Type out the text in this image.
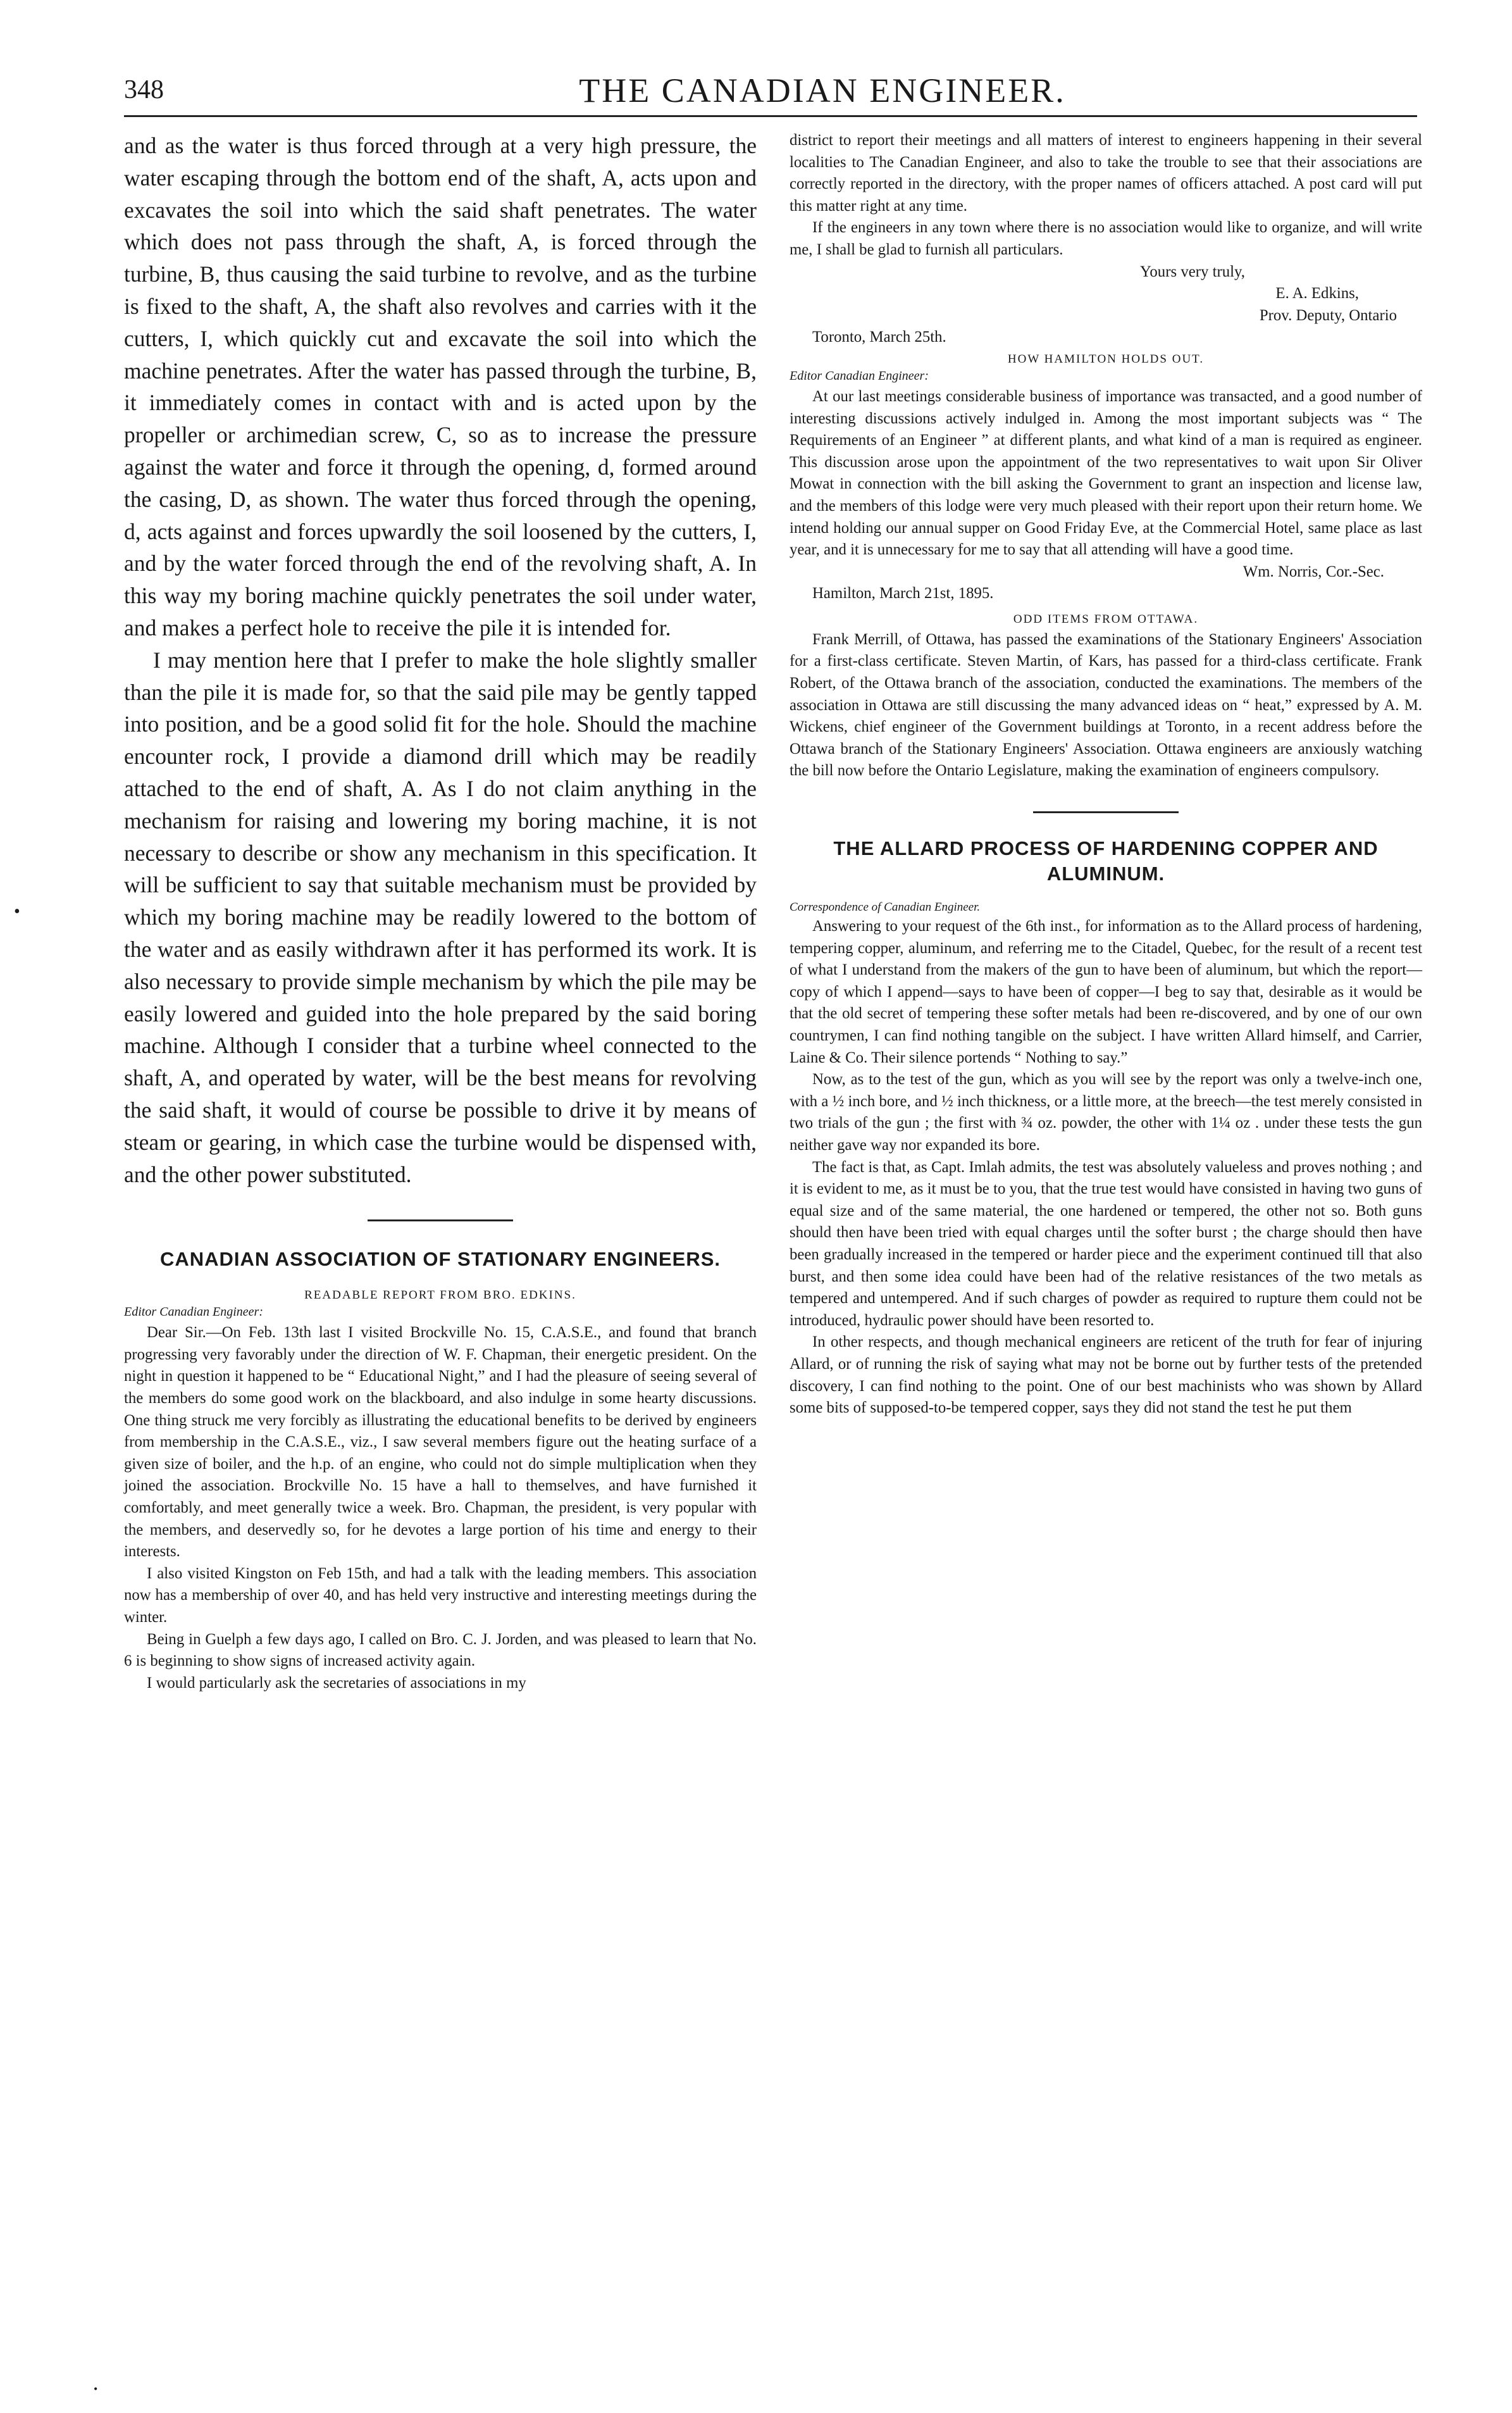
348	THE CANADIAN ENGINEER.

and as the water is thus forced through at a very high pressure, the water escaping through the bottom end of the shaft, A, acts upon and excavates the soil into which the said shaft penetrates. The water which does not pass through the shaft, A, is forced through the turbine, B, thus causing the said turbine to revolve, and as the turbine is fixed to the shaft, A, the shaft also revolves and carries with it the cutters, I, which quickly cut and excavate the soil into which the machine penetrates. After the water has passed through the turbine, B, it immediately comes in contact with and is acted upon by the propeller or archimedian screw, C, so as to increase the pressure against the water and force it through the opening, d, formed around the casing, D, as shown. The water thus forced through the opening, d, acts against and forces upwardly the soil loosened by the cutters, I, and by the water forced through the end of the revolving shaft, A. In this way my boring machine quickly penetrates the soil under water, and makes a perfect hole to receive the pile it is intended for.

I may mention here that I prefer to make the hole slightly smaller than the pile it is made for, so that the said pile may be gently tapped into position, and be a good solid fit for the hole. Should the machine encounter rock, I provide a diamond drill which may be readily attached to the end of shaft, A. As I do not claim anything in the mechanism for raising and lowering my boring machine, it is not necessary to describe or show any mechanism in this specification. It will be sufficient to say that suitable mechanism must be provided by which my boring machine may be readily lowered to the bottom of the water and as easily withdrawn after it has performed its work. It is also necessary to provide simple mechanism by which the pile may be easily lowered and guided into the hole prepared by the said boring machine. Although I consider that a turbine wheel connected to the shaft, A, and operated by water, will be the best means for revolving the said shaft, it would of course be possible to drive it by means of steam or gearing, in which case the turbine would be dispensed with, and the other power substituted.

CANADIAN ASSOCIATION OF STATIONARY ENGINEERS.
READABLE REPORT FROM BRO. EDKINS.
Editor Canadian Engineer:

Dear Sir.—On Feb. 13th last I visited Brockville No. 15, C.A.S.E., and found that branch progressing very favorably under the direction of W. F. Chapman, their energetic president. On the night in question it happened to be “ Educational Night,” and I had the pleasure of seeing several of the members do some good work on the blackboard, and also indulge in some hearty discussions. One thing struck me very forcibly as illustrating the educational benefits to be derived by engineers from membership in the C.A.S.E., viz., I saw several members figure out the heating surface of a given size of boiler, and the h.p. of an engine, who could not do simple multiplication when they joined the association. Brockville No. 15 have a hall to themselves, and have furnished it comfortably, and meet generally twice a week. Bro. Chapman, the president, is very popular with the members, and deservedly so, for he devotes a large portion of his time and energy to their interests.

I also visited Kingston on Feb 15th, and had a talk with the leading members. This association now has a membership of over 40, and has held very instructive and interesting meetings during the winter.

Being in Guelph a few days ago, I called on Bro. C. J. Jorden, and was pleased to learn that No. 6 is beginning to show signs of increased activity again.

I would particularly ask the secretaries of associations in my

district to report their meetings and all matters of interest to engineers happening in their several localities to The Canadian Engineer, and also to take the trouble to see that their associations are correctly reported in the directory, with the proper names of officers attached. A post card will put this matter right at any time.

If the engineers in any town where there is no association would like to organize, and will write me, I shall be glad to furnish all particulars.

Yours very truly,

E. A. Edkins,

Prov. Deputy, Ontario

Toronto, March 25th.

HOW HAMILTON HOLDS OUT.
Editor Canadian Engineer:

At our last meetings considerable business of importance was transacted, and a good number of interesting discussions actively indulged in. Among the most important subjects was “ The Requirements of an Engineer ” at different plants, and what kind of a man is required as engineer. This discussion arose upon the appointment of the two representatives to wait upon Sir Oliver Mowat in connection with the bill asking the Government to grant an inspection and license law, and the members of this lodge were very much pleased with their report upon their return home. We intend holding our annual supper on Good Friday Eve, at the Commercial Hotel, same place as last year, and it is unnecessary for me to say that all attending will have a good time.

Wm. Norris, Cor.-Sec.

Hamilton, March 21st, 1895.

ODD ITEMS FROM OTTAWA.

Frank Merrill, of Ottawa, has passed the examinations of the Stationary Engineers' Association for a first-class certificate. Steven Martin, of Kars, has passed for a third-class certificate. Frank Robert, of the Ottawa branch of the association, conducted the examinations. The members of the association in Ottawa are still discussing the many advanced ideas on “ heat,” expressed by A. M. Wickens, chief engineer of the Government buildings at Toronto, in a recent address before the Ottawa branch of the Stationary Engineers' Association. Ottawa engineers are anxiously watching the bill now before the Ontario Legislature, making the examination of engineers compulsory.

THE ALLARD PROCESS OF HARDENING COPPER AND ALUMINUM.
Correspondence of Canadian Engineer.

Answering to your request of the 6th inst., for information as to the Allard process of hardening, tempering copper, aluminum, and referring me to the Citadel, Quebec, for the result of a recent test of what I understand from the makers of the gun to have been of aluminum, but which the report—copy of which I append—says to have been of copper—I beg to say that, desirable as it would be that the old secret of tempering these softer metals had been re-discovered, and by one of our own countrymen, I can find nothing tangible on the subject. I have written Allard himself, and Carrier, Laine & Co. Their silence portends “ Nothing to say.”

Now, as to the test of the gun, which as you will see by the report was only a twelve-inch one, with a ½ inch bore, and ½ inch thickness, or a little more, at the breech—the test merely consisted in two trials of the gun ; the first with ¾ oz. powder, the other with 1¼ oz . under these tests the gun neither gave way nor expanded its bore.

The fact is that, as Capt. Imlah admits, the test was absolutely valueless and proves nothing ; and it is evident to me, as it must be to you, that the true test would have consisted in having two guns of equal size and of the same material, the one hardened or tempered, the other not so. Both guns should then have been tried with equal charges until the softer burst ; the charge should then have been gradually increased in the tempered or harder piece and the experiment continued till that also burst, and then some idea could have been had of the relative resistances of the two metals as tempered and untempered. And if such charges of powder as required to rupture them could not be introduced, hydraulic power should have been resorted to.

In other respects, and though mechanical engineers are reticent of the truth for fear of injuring Allard, or of running the risk of saying what may not be borne out by further tests of the pretended discovery, I can find nothing to the point. One of our best machinists who was shown by Allard some bits of supposed-to-be tempered copper, says they did not stand the test he put them

•
•
